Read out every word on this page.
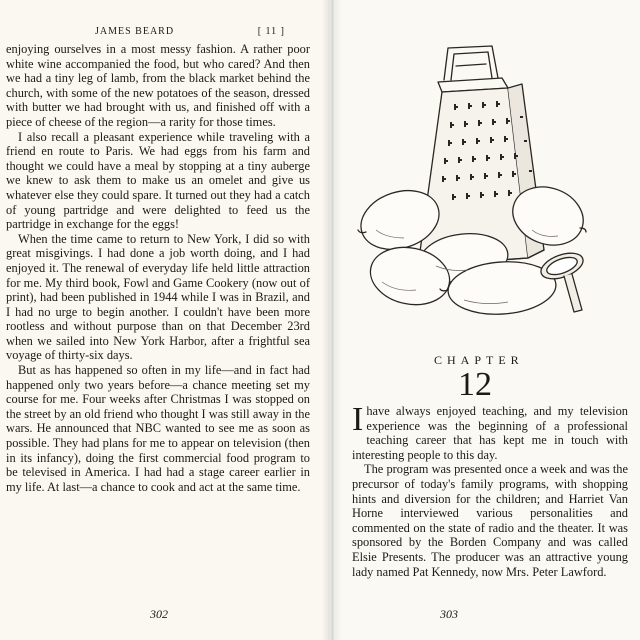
JAMES BEARD	[ 11 ]

enjoying ourselves in a most messy fashion. A rather poor white wine accompanied the food, but who cared? And then we had a tiny leg of lamb, from the black market behind the church, with some of the new potatoes of the season, dressed with butter we had brought with us, and finished off with a piece of cheese of the region—a rarity for those times.

I also recall a pleasant experience while traveling with a friend en route to Paris. We had eggs from his farm and thought we could have a meal by stopping at a tiny auberge we knew to ask them to make us an omelet and give us whatever else they could spare. It turned out they had a catch of young partridge and were delighted to feed us the partridge in exchange for the eggs!

When the time came to return to New York, I did so with great misgivings. I had done a job worth doing, and I had enjoyed it. The renewal of everyday life held little attraction for me. My third book, Fowl and Game Cookery (now out of print), had been published in 1944 while I was in Brazil, and I had no urge to begin another. I couldn't have been more rootless and without purpose than on that December 23rd when we sailed into New York Harbor, after a frightful sea voyage of thirty-six days.

But as has happened so often in my life—and in fact had happened only two years before—a chance meeting set my course for me. Four weeks after Christmas I was stopped on the street by an old friend who thought I was still away in the wars. He announced that NBC wanted to see me as soon as possible. They had plans for me to appear on television (then in its infancy), doing the first commercial food program to be televised in America. I had had a stage career earlier in my life. At last—a chance to cook and act at the same time.

302
CHAPTER
12

Ihave always enjoyed teaching, and my television experience was the beginning of a professional teaching career that has kept me in touch with interesting people to this day.

The program was presented once a week and was the precursor of today's family programs, with shopping hints and diversion for the children; and Harriet Van Horne interviewed various personalities and commented on the state of radio and the theater. It was sponsored by the Borden Company and was called Elsie Presents. The producer was an attractive young lady named Pat Kennedy, now Mrs. Peter Lawford.

303
